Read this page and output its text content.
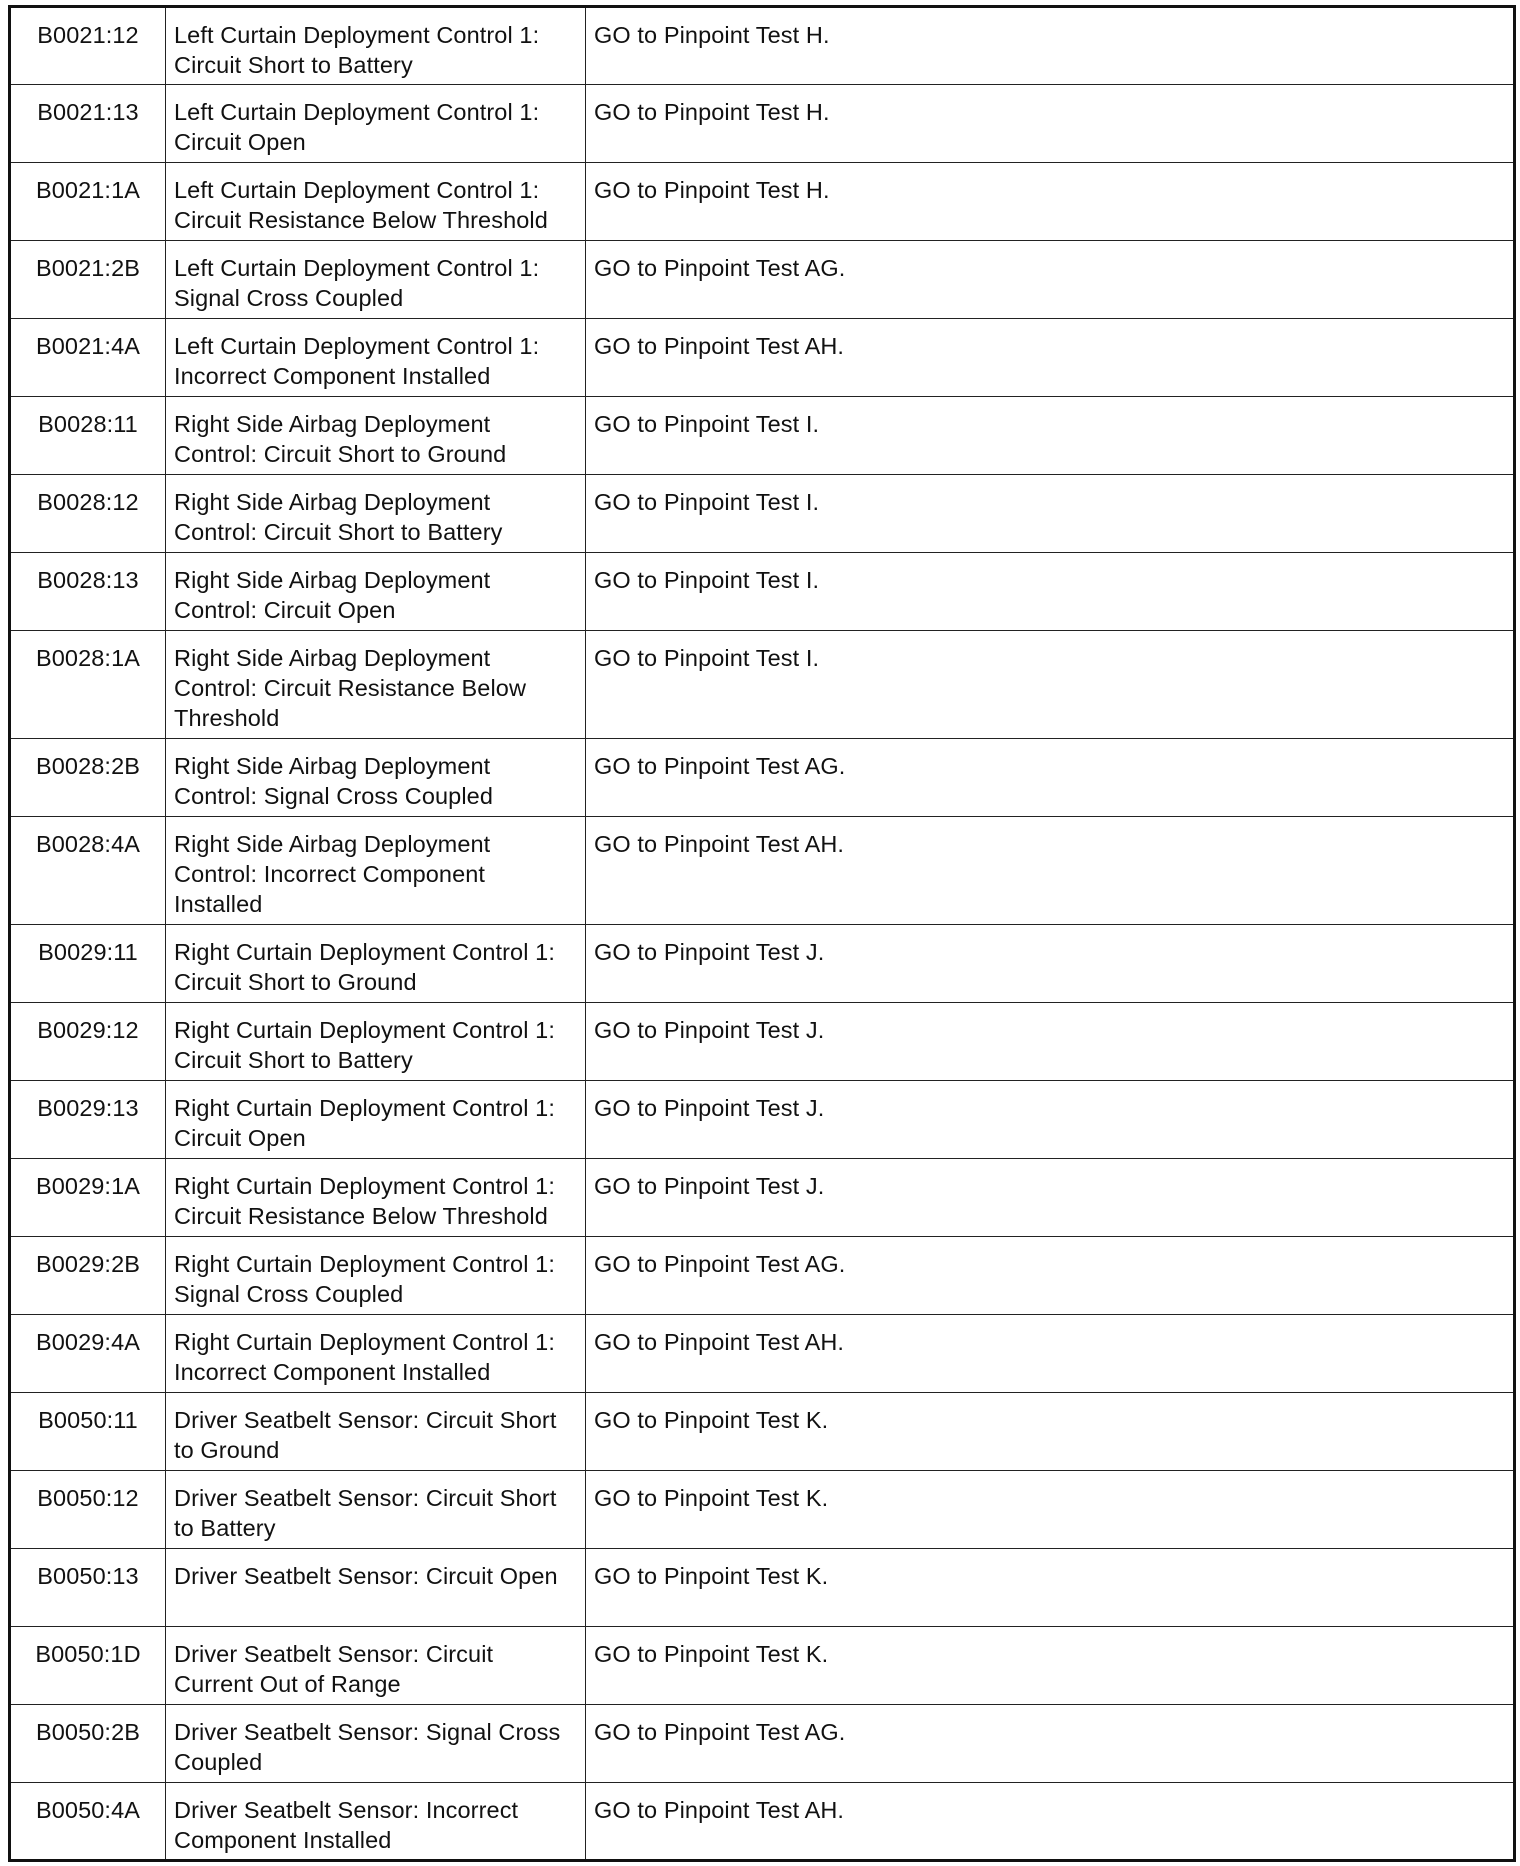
B0021:12	Left Curtain Deployment Control 1: Circuit Short to Battery	GO to Pinpoint Test H.
B0021:13	Left Curtain Deployment Control 1: Circuit Open	GO to Pinpoint Test H.
B0021:1A	Left Curtain Deployment Control 1: Circuit Resistance Below Threshold	GO to Pinpoint Test H.
B0021:2B	Left Curtain Deployment Control 1: Signal Cross Coupled	GO to Pinpoint Test AG.
B0021:4A	Left Curtain Deployment Control 1: Incorrect Component Installed	GO to Pinpoint Test AH.
B0028:11	Right Side Airbag Deployment Control: Circuit Short to Ground	GO to Pinpoint Test I.
B0028:12	Right Side Airbag Deployment Control: Circuit Short to Battery	GO to Pinpoint Test I.
B0028:13	Right Side Airbag Deployment Control: Circuit Open	GO to Pinpoint Test I.
B0028:1A	Right Side Airbag Deployment Control: Circuit Resistance Below Threshold	GO to Pinpoint Test I.
B0028:2B	Right Side Airbag Deployment Control: Signal Cross Coupled	GO to Pinpoint Test AG.
B0028:4A	Right Side Airbag Deployment Control: Incorrect Component Installed	GO to Pinpoint Test AH.
B0029:11	Right Curtain Deployment Control 1: Circuit Short to Ground	GO to Pinpoint Test J.
B0029:12	Right Curtain Deployment Control 1: Circuit Short to Battery	GO to Pinpoint Test J.
B0029:13	Right Curtain Deployment Control 1: Circuit Open	GO to Pinpoint Test J.
B0029:1A	Right Curtain Deployment Control 1: Circuit Resistance Below Threshold	GO to Pinpoint Test J.
B0029:2B	Right Curtain Deployment Control 1: Signal Cross Coupled	GO to Pinpoint Test AG.
B0029:4A	Right Curtain Deployment Control 1: Incorrect Component Installed	GO to Pinpoint Test AH.
B0050:11	Driver Seatbelt Sensor: Circuit Short to Ground	GO to Pinpoint Test K.
B0050:12	Driver Seatbelt Sensor: Circuit Short to Battery	GO to Pinpoint Test K.
B0050:13	Driver Seatbelt Sensor: Circuit Open	GO to Pinpoint Test K.
B0050:1D	Driver Seatbelt Sensor: Circuit Current Out of Range	GO to Pinpoint Test K.
B0050:2B	Driver Seatbelt Sensor: Signal Cross Coupled	GO to Pinpoint Test AG.
B0050:4A	Driver Seatbelt Sensor: Incorrect Component Installed	GO to Pinpoint Test AH.
